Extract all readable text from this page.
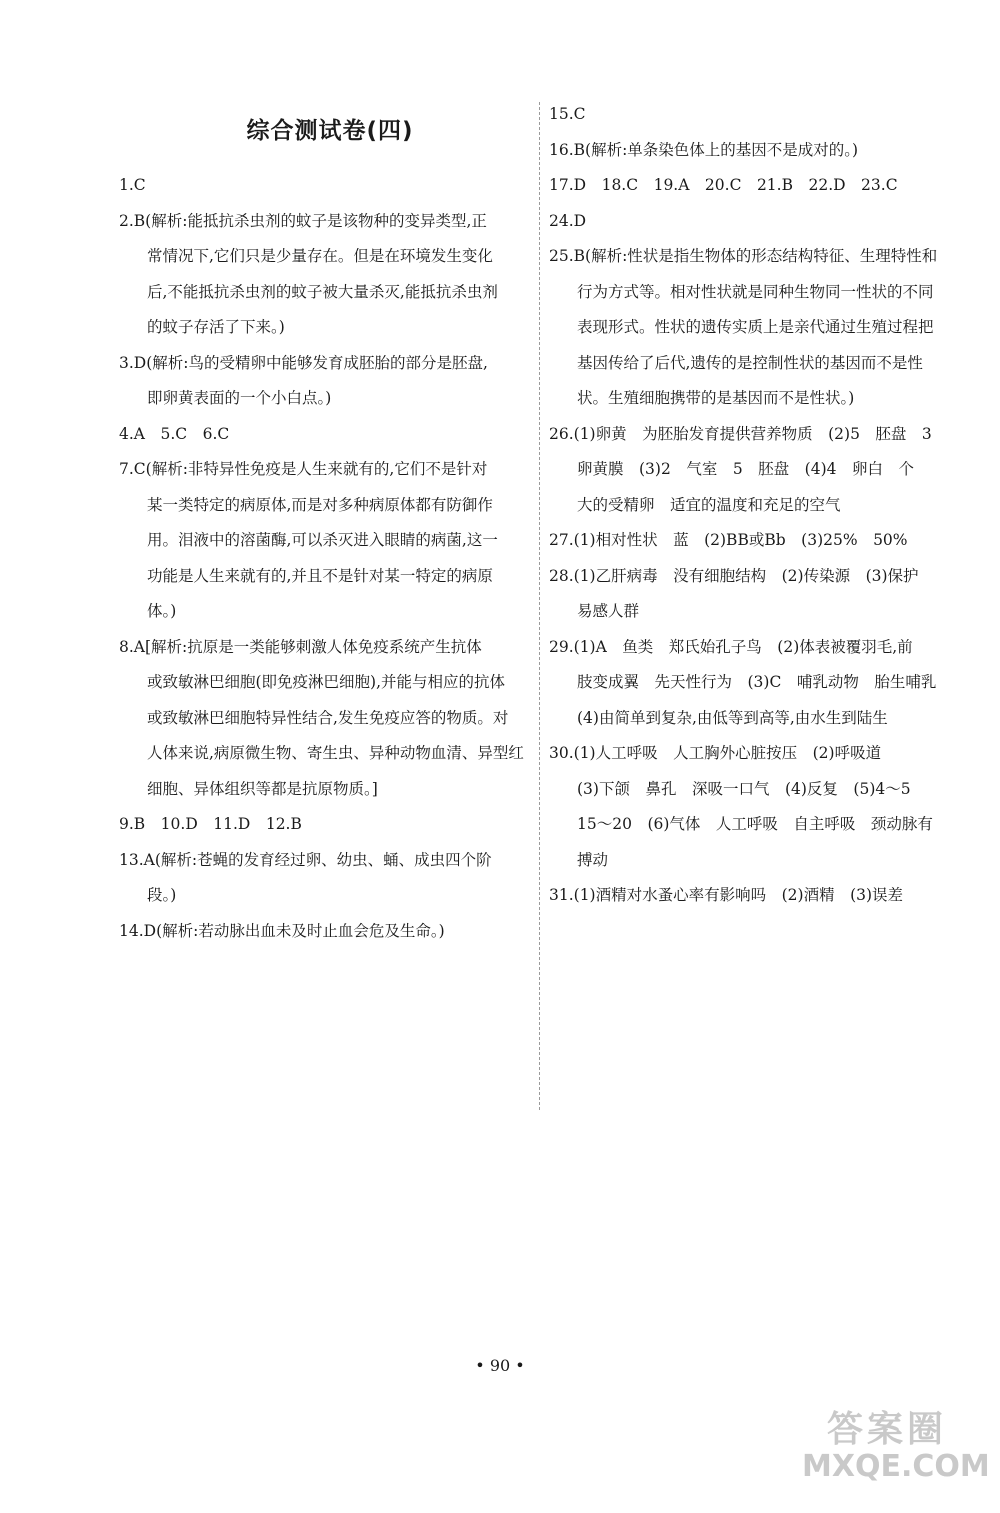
综合测试卷(四)

1.C

2.B(解析:能抵抗杀虫剂的蚊子是该物种的变异类型,正
常情况下,它们只是少量存在。但是在环境发生变化
后,不能抵抗杀虫剂的蚊子被大量杀灭,能抵抗杀虫剂
的蚊子存活了下来。)

3.D(解析:鸟的受精卵中能够发育成胚胎的部分是胚盘,
即卵黄表面的一个小白点。)

4.A　5.C　6.C

7.C(解析:非特异性免疫是人生来就有的,它们不是针对
某一类特定的病原体,而是对多种病原体都有防御作
用。泪液中的溶菌酶,可以杀灭进入眼睛的病菌,这一
功能是人生来就有的,并且不是针对某一特定的病原
体。)

8.A[解析:抗原是一类能够刺激人体免疫系统产生抗体
或致敏淋巴细胞(即免疫淋巴细胞),并能与相应的抗体
或致敏淋巴细胞特异性结合,发生免疫应答的物质。对
人体来说,病原微生物、寄生虫、异种动物血清、异型红
细胞、异体组织等都是抗原物质。]

9.B　10.D　11.D　12.B

13.A(解析:苍蝇的发育经过卵、幼虫、蛹、成虫四个阶
段。)

14.D(解析:若动脉出血未及时止血会危及生命。)

15.C

16.B(解析:单条染色体上的基因不是成对的。)

17.D　18.C　19.A　20.C　21.B　22.D　23.C

24.D

25.B(解析:性状是指生物体的形态结构特征、生理特性和
行为方式等。相对性状就是同种生物同一性状的不同
表现形式。性状的遗传实质上是亲代通过生殖过程把
基因传给了后代,遗传的是控制性状的基因而不是性
状。生殖细胞携带的是基因而不是性状。)

26.(1)卵黄　为胚胎发育提供营养物质　(2)5　胚盘　3
卵黄膜　(3)2　气室　5　胚盘　(4)4　卵白　个
大的受精卵　适宜的温度和充足的空气

27.(1)相对性状　蓝　(2)BB或Bb　(3)25%　50%

28.(1)乙肝病毒　没有细胞结构　(2)传染源　(3)保护
易感人群

29.(1)A　鱼类　郑氏始孔子鸟　(2)体表被覆羽毛,前
肢变成翼　先天性行为　(3)C　哺乳动物　胎生哺乳
(4)由简单到复杂,由低等到高等,由水生到陆生

30.(1)人工呼吸　人工胸外心脏按压　(2)呼吸道
(3)下颌　鼻孔　深吸一口气　(4)反复　(5)4～5
15～20　(6)气体　人工呼吸　自主呼吸　颈动脉有
搏动

31.(1)酒精对水蚤心率有影响吗　(2)酒精　(3)误差

• 90 •
答案圈
MXQE.COM
